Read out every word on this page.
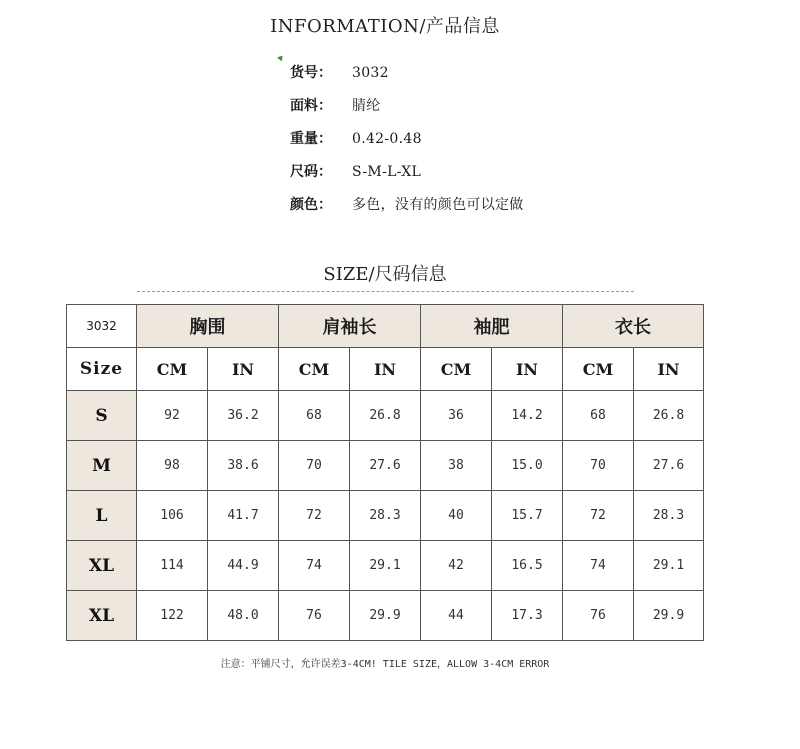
INFORMATION/产品信息
货号：	3032
面料：	腈纶
重量：	0.42-0.48
尺码：	S-M-L-XL
颜色：	多色，没有的颜色可以定做
SIZE/尺码信息
3032	胸围		肩袖长		袖肥		衣长	
Size	CM	IN	CM	IN	CM	IN	CM	IN
S	92	36.2	68	26.8	36	14.2	68	26.8
M	98	38.6	70	27.6	38	15.0	70	27.6
L	106	41.7	72	28.3	40	15.7	72	28.3
XL	114	44.9	74	29.1	42	16.5	74	29.1
XL	122	48.0	76	29.9	44	17.3	76	29.9
注意：平铺尺寸，允许误差3-4CM! TILE SIZE，ALLOW 3-4CM ERROR
